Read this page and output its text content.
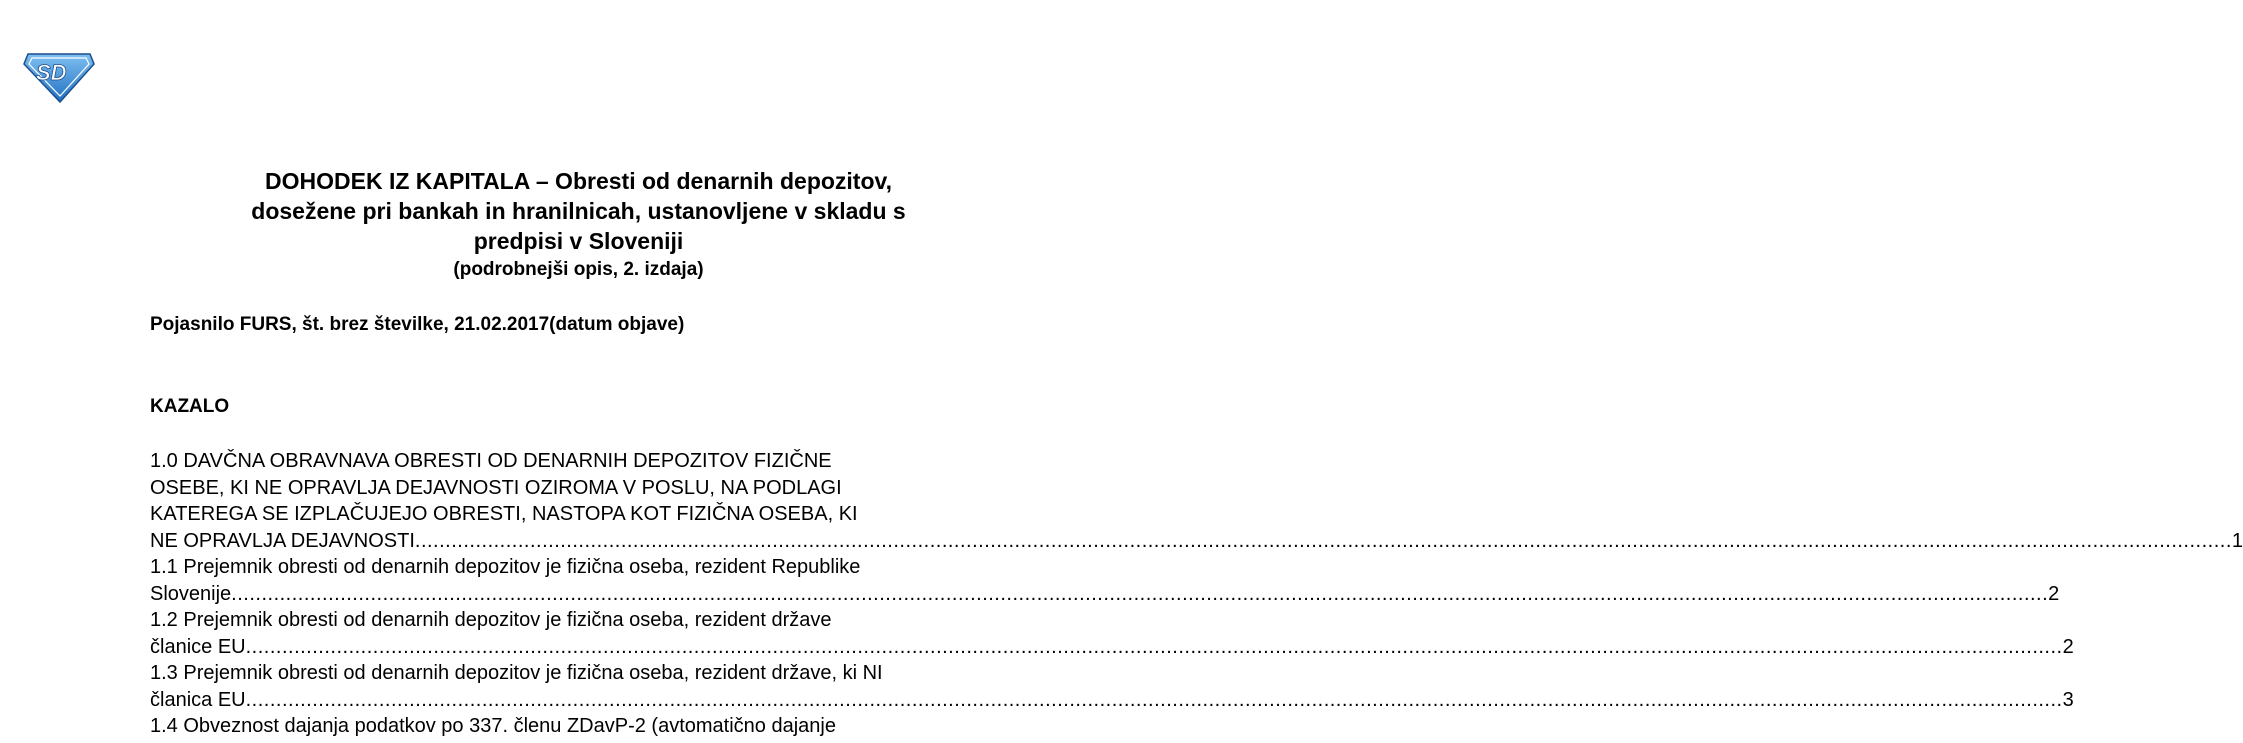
SD
DOHODEK IZ KAPITALA – Obresti od denarnih depozitov,
dosežene pri bankah in hranilnicah, ustanovljene v skladu s
predpisi v Sloveniji
(podrobnejši opis, 2. izdaja)
Pojasnilo FURS, št. brez številke, 21.02.2017(datum objave)
KAZALO
1.0 DAVČNA OBRAVNAVA OBRESTI OD DENARNIH DEPOZITOV FIZIČNE
OSEBE, KI NE OPRAVLJA DEJAVNOSTI OZIROMA V POSLU, NA PODLAGI
KATEREGA SE IZPLAČUJEJO OBRESTI, NASTOPA KOT FIZIČNA OSEBA, KI
NE OPRAVLJA DEJAVNOSTI ............................................................................................................................................................................................................................................................................................................ 1
1.1 Prejemnik obresti od denarnih depozitov je fizična oseba, rezident Republike
Slovenije ............................................................................................................................................................................................................................................................................................................ 2
1.2 Prejemnik obresti od denarnih depozitov je fizična oseba, rezident države
članice EU ............................................................................................................................................................................................................................................................................................................ 2
1.3 Prejemnik obresti od denarnih depozitov je fizična oseba, rezident države, ki NI
članica EU ............................................................................................................................................................................................................................................................................................................ 3
1.4 Obveznost dajanja podatkov po 337. členu ZDavP-2 (avtomatično dajanje
